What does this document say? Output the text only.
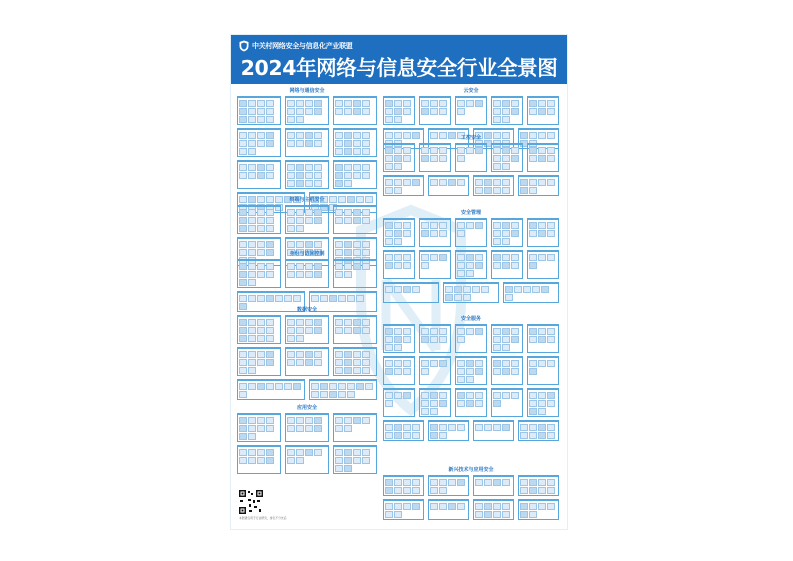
中关村网络安全与信息化产业联盟
2024年网络与信息安全行业全景图
网络与通信安全
终端与主机安全
身份与访问控制
数据安全
应用安全
云安全
工控安全
安全管理
安全服务
新兴技术与应用安全
本图谱仅用于行业研究，排名不分先后
